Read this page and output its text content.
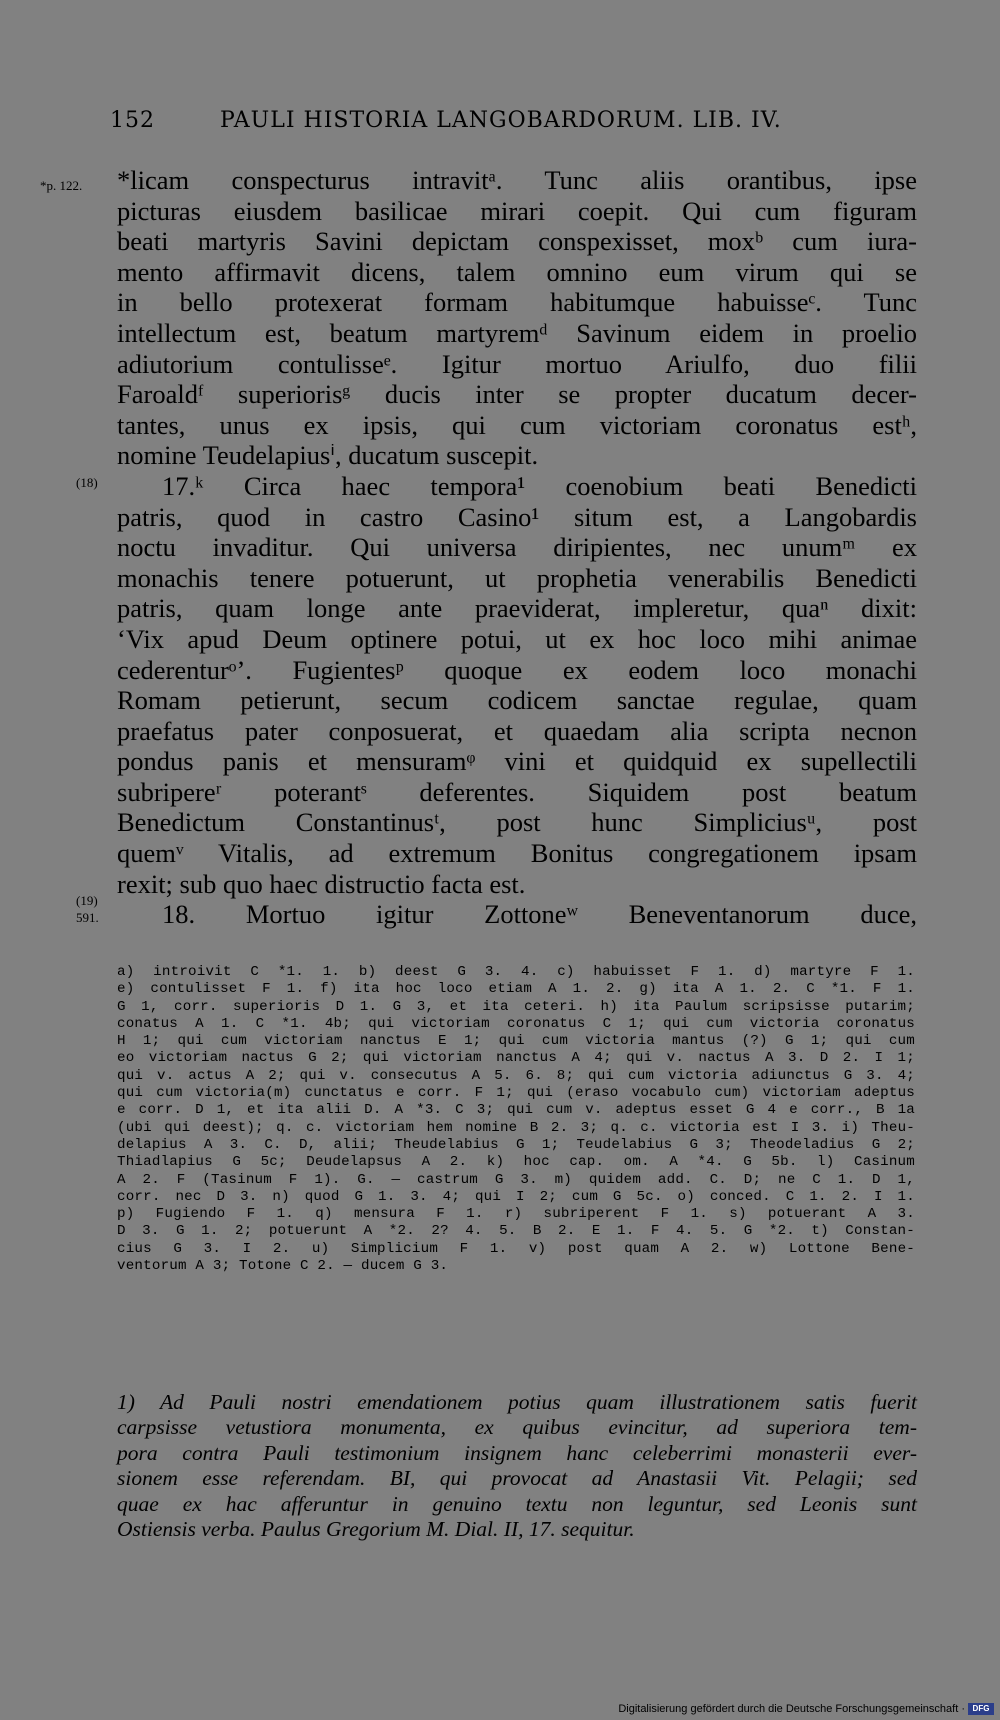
152	PAULI HISTORIA LANGOBARDORUM. LIB. IV.
*p. 122.
(18)
(19)
591.
*licam conspecturus intravitᵃ. Tunc aliis orantibus, ipse
picturas eiusdem basilicae mirari coepit. Qui cum figuram
beati martyris Savini depictam conspexisset, moxᵇ cum iura-
mento affirmavit dicens, talem omnino eum virum qui se
in bello protexerat formam habitumque habuisseᶜ. Tunc
intellectum est, beatum martyremᵈ Savinum eidem in proelio
adiutorium contulisseᵉ. Igitur mortuo Ariulfo, duo filii
Faroaldᶠ superiorisᵍ ducis inter se propter ducatum decer-
tantes, unus ex ipsis, qui cum victoriam coronatus estʰ,
nomine Teudelapiusⁱ, ducatum suscepit.
17.ᵏ Circa haec tempora¹ coenobium beati Benedicti
patris, quod in castro Casino¹ situm est, a Langobardis
noctu invaditur. Qui universa diripientes, nec unumᵐ ex
monachis tenere potuerunt, ut prophetia venerabilis Benedicti
patris, quam longe ante praeviderat, impleretur, quaⁿ dixit:
‘Vix apud Deum optinere potui, ut ex hoc loco mihi animae
cederenturᵒ’. Fugientesᵖ quoque ex eodem loco monachi
Romam petierunt, secum codicem sanctae regulae, quam
praefatus pater conposuerat, et quaedam alia scripta necnon
pondus panis et mensuramᵠ vini et quidquid ex supellectili
subripereʳ poterantˢ deferentes. Siquidem post beatum
Benedictum Constantinusᵗ, post hunc Simpliciusᵘ, post
quemᵛ Vitalis, ad extremum Bonitus congregationem ipsam
rexit; sub quo haec distructio facta est.
18. Mortuo igitur Zottoneʷ Beneventanorum duce,
a) introivit C *1. 1. b) deest G 3. 4. c) habuisset F 1. d) martyre F 1.
e) contulisset F 1. f) ita hoc loco etiam A 1. 2. g) ita A 1. 2. C *1. F 1.
G 1, corr. superioris D 1. G 3, et ita ceteri. h) ita Paulum scripsisse putarim;
conatus A 1. C *1. 4b; qui victoriam coronatus C 1; qui cum victoria coronatus
H 1; qui cum victoriam nanctus E 1; qui cum victoria mantus (?) G 1; qui cum
eo victoriam nactus G 2; qui victoriam nanctus A 4; qui v. nactus A 3. D 2. I 1;
qui v. actus A 2; qui v. consecutus A 5. 6. 8; qui cum victoria adiunctus G 3. 4;
qui cum victoria(m) cunctatus e corr. F 1; qui (eraso vocabulo cum) victoriam adeptus
e corr. D 1, et ita alii D. A *3. C 3; qui cum v. adeptus esset G 4 e corr., B 1a
(ubi qui deest); q. c. victoriam hem nomine B 2. 3; q. c. victoria est I 3. i) Theu-
delapius A 3. C. D, alii; Theudelabius G 1; Teudelabius G 3; Theodeladius G 2;
Thiadlapius G 5c; Deudelapsus A 2. k) hoc cap. om. A *4. G 5b. l) Casinum
A 2. F (Tasinum F 1). G. — castrum G 3. m) quidem add. C. D; ne C 1. D 1,
corr. nec D 3. n) quod G 1. 3. 4; qui I 2; cum G 5c. o) conced. C 1. 2. I 1.
p) Fugiendo F 1. q) mensura F 1. r) subriperent F 1. s) potuerant A 3.
D 3. G 1. 2; potuerunt A *2. 2? 4. 5. B 2. E 1. F 4. 5. G *2. t) Constan-
cius G 3. I 2. u) Simplicium F 1. v) post quam A 2. w) Lottone Bene-
ventorum A 3; Totone C 2. — ducem G 3.
1) Ad Pauli nostri emendationem potius quam illustrationem satis fuerit
carpsisse vetustiora monumenta, ex quibus evincitur, ad superiora tem-
pora contra Pauli testimonium insignem hanc celeberrimi monasterii ever-
sionem esse referendam. BI, qui provocat ad Anastasii Vit. Pelagii; sed
quae ex hac afferuntur in genuino textu non leguntur, sed Leonis sunt
Ostiensis verba. Paulus Gregorium M. Dial. II, 17. sequitur.
Digitalisierung gefördert durch die Deutsche Forschungsgemeinschaft · DFG
